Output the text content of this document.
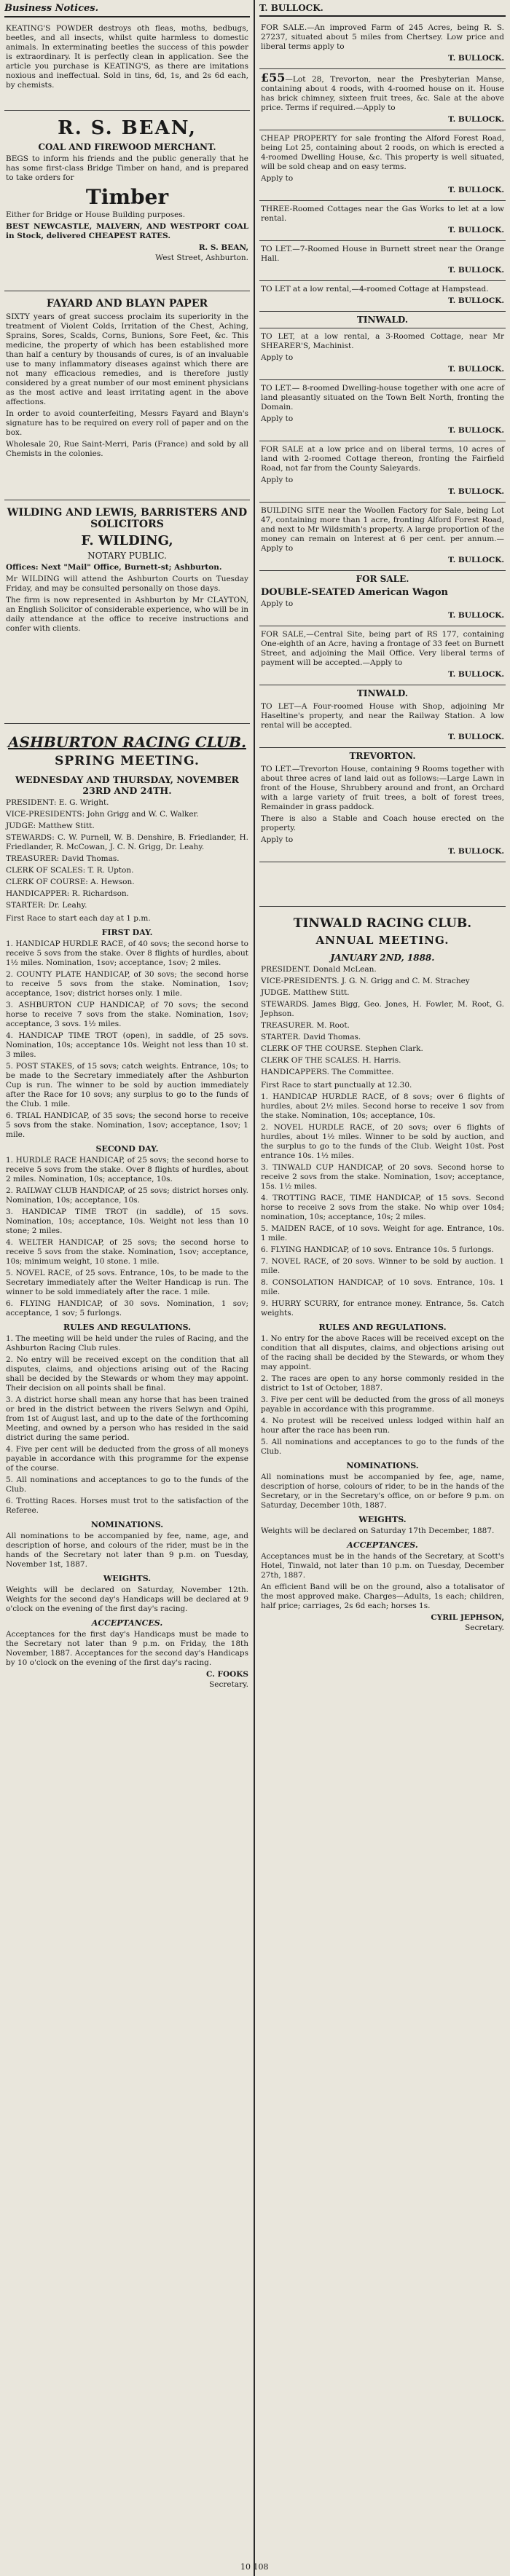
Business Notices.

KEATING'S POWDER destroys oth fleas, moths, bedbugs, beetles, and all insects, whilst quite harmless to domestic animals. In exterminating beetles the success of this powder is extraordinary. It is perfectly clean in application. See the article you purchase is KEATING'S, as there are imitations noxious and ineffectual. Sold in tins, 6d, 1s, and 2s 6d each, by chemists.

R. S. BEAN,
COAL AND FIREWOOD MERCHANT.

BEGS to inform his friends and the public generally that he has some first-class Bridge Timber on hand, and is prepared to take orders for

Timber

Either for Bridge or House Building purposes.

BEST NEWCASTLE, MALVERN, AND WESTPORT COAL in Stock, delivered CHEAPEST RATES.

R. S. BEAN,
West Street, Ashburton.
FAYARD AND BLAYN PAPER

SIXTY years of great success proclaim its superiority in the treatment of Violent Colds, Irritation of the Chest, Aching, Sprains, Sores, Scalds, Corns, Bunions, Sore Feet, &c. This medicine, the property of which has been established more than half a century by thousands of cures, is of an invaluable use to many inflammatory diseases against which there are not many efficacious remedies, and is therefore justly considered by a great number of our most eminent physicians as the most active and least irritating agent in the above affections.

In order to avoid counterfeiting, Messrs Fayard and Blayn's signature has to be required on every roll of paper and on the box.

Wholesale 20, Rue Saint-Merri, Paris (France) and sold by all Chemists in the colonies.

WILDING AND LEWIS, BARRISTERS AND SOLICITORS
F. WILDING,
NOTARY PUBLIC.

Offices: Next "Mail" Office, Burnett-st; Ashburton.

Mr WILDING will attend the Ashburton Courts on Tuesday Friday, and may be consulted personally on those days.

The firm is now represented in Ashburton by Mr CLAYTON, an English Solicitor of considerable experience, who will be in daily attendance at the office to receive instructions and confer with clients.

ASHBURTON RACING CLUB.
SPRING MEETING.
WEDNESDAY AND THURSDAY, NOVEMBER 23RD AND 24TH.

PRESIDENT: E. G. Wright.

VICE-PRESIDENTS: John Grigg and W. C. Walker.

JUDGE: Matthew Stitt.

STEWARDS: C. W. Purnell, W. B. Denshire, B. Friedlander, H. Friedlander, R. McCowan, J. C. N. Grigg, Dr. Leahy.

TREASURER: David Thomas.

CLERK OF SCALES: T. R. Upton.

CLERK OF COURSE: A. Hewson.

HANDICAPPER: R. Richardson.

STARTER: Dr. Leahy.

First Race to start each day at 1 p.m.

FIRST DAY.

1. HANDICAP HURDLE RACE, of 40 sovs; the second horse to receive 5 sovs from the stake. Over 8 flights of hurdles, about 1½ miles. Nomination, 1sov; acceptance, 1sov; 2 miles.

2. COUNTY PLATE HANDICAP, of 30 sovs; the second horse to receive 5 sovs from the stake. Nomination, 1sov; acceptance, 1sov; district horses only. 1 mile.

3. ASHBURTON CUP HANDICAP, of 70 sovs; the second horse to receive 7 sovs from the stake. Nomination, 1sov; acceptance, 3 sovs. 1½ miles.

4. HANDICAP TIME TROT (open), in saddle, of 25 sovs. Nomination, 10s; acceptance 10s. Weight not less than 10 st. 3 miles.

5. POST STAKES, of 15 sovs; catch weights. Entrance, 10s; to be made to the Secretary immediately after the Ashburton Cup is run. The winner to be sold by auction immediately after the Race for 10 sovs; any surplus to go to the funds of the Club. 1 mile.

6. TRIAL HANDICAP, of 35 sovs; the second horse to receive 5 sovs from the stake. Nomination, 1sov; acceptance, 1sov; 1 mile.

SECOND DAY.

1. HURDLE RACE HANDICAP, of 25 sovs; the second horse to receive 5 sovs from the stake. Over 8 flights of hurdles, about 2 miles. Nomination, 10s; acceptance, 10s.

2. RAILWAY CLUB HANDICAP, of 25 sovs; district horses only. Nomination, 10s; acceptance, 10s.

3. HANDICAP TIME TROT (in saddle), of 15 sovs. Nomination, 10s; acceptance, 10s. Weight not less than 10 stone; 2 miles.

4. WELTER HANDICAP, of 25 sovs; the second horse to receive 5 sovs from the stake. Nomination, 1sov; acceptance, 10s; minimum weight, 10 stone. 1 mile.

5. NOVEL RACE, of 25 sovs. Entrance, 10s, to be made to the Secretary immediately after the Welter Handicap is run. The winner to be sold immediately after the race. 1 mile.

6. FLYING HANDICAP, of 30 sovs. Nomination, 1 sov; acceptance, 1 sov; 5 furlongs.

RULES AND REGULATIONS.

1. The meeting will be held under the rules of Racing, and the Ashburton Racing Club rules.

2. No entry will be received except on the condition that all disputes, claims, and objections arising out of the Racing shall be decided by the Stewards or whom they may appoint. Their decision on all points shall be final.

3. A district horse shall mean any horse that has been trained or bred in the district between the rivers Selwyn and Opihi, from 1st of August last, and up to the date of the forthcoming Meeting, and owned by a person who has resided in the said district during the same period.

4. Five per cent will be deducted from the gross of all moneys payable in accordance with this programme for the expense of the course.

5. All nominations and acceptances to go to the funds of the Club.

6. Trotting Races. Horses must trot to the satisfaction of the Referee.

NOMINATIONS.

All nominations to be accompanied by fee, name, age, and description of horse, and colours of the rider, must be in the hands of the Secretary not later than 9 p.m. on Tuesday, November 1st, 1887.

WEIGHTS.

Weights will be declared on Saturday, November 12th. Weights for the second day's Handicaps will be declared at 9 o'clock on the evening of the first day's racing.

ACCEPTANCES.

Acceptances for the first day's Handicaps must be made to the Secretary not later than 9 p.m. on Friday, the 18th November, 1887. Acceptances for the second day's Handicaps by 10 o'clock on the evening of the first day's racing.

C. FOOKS
Secretary.
T. BULLOCK.

FOR SALE.—An improved Farm of 245 Acres, being R. S. 27237, situated about 5 miles from Chertsey. Low price and liberal terms apply to

T. BULLOCK.

£55—Lot 28, Trevorton, near the Presbyterian Manse, containing about 4 roods, with 4-roomed house on it. House has brick chimney, sixteen fruit trees, &c. Sale at the above price. Terms if required.—Apply to

T. BULLOCK.

CHEAP PROPERTY for sale fronting the Alford Forest Road, being Lot 25, containing about 2 roods, on which is erected a 4-roomed Dwelling House, &c. This property is well situated, will be sold cheap and on easy terms.

Apply to

T. BULLOCK.

THREE-Roomed Cottages near the Gas Works to let at a low rental.

T. BULLOCK.

TO LET.—7-Roomed House in Burnett street near the Orange Hall.

T. BULLOCK.

TO LET at a low rental,—4-roomed Cottage at Hampstead.

T. BULLOCK.
TINWALD.

TO LET, at a low rental, a 3-Roomed Cottage, near Mr SHEARER'S, Machinist.

Apply to

T. BULLOCK.

TO LET.— 8-roomed Dwelling-house together with one acre of land pleasantly situated on the Town Belt North, fronting the Domain.

Apply to

T. BULLOCK.

FOR SALE at a low price and on liberal terms, 10 acres of land with 2-roomed Cottage thereon, fronting the Fairfield Road, not far from the County Saleyards.

Apply to

T. BULLOCK.

BUILDING SITE near the Woollen Factory for Sale, being Lot 47, containing more than 1 acre, fronting Alford Forest Road, and next to Mr Wildsmith's property. A large proportion of the money can remain on Interest at 6 per cent. per annum.—Apply to

T. BULLOCK.
FOR SALE.

DOUBLE-SEATED American Wagon

Apply to

T. BULLOCK.

FOR SALE,—Central Site, being part of RS 177, containing One-eighth of an Acre, having a frontage of 33 feet on Burnett Street, and adjoining the Mail Office. Very liberal terms of payment will be accepted.—Apply to

T. BULLOCK.
TINWALD.

TO LET—A Four-roomed House with Shop, adjoining Mr Haseltine's property, and near the Railway Station. A low rental will be accepted.

T. BULLOCK.
TREVORTON.

TO LET.—Trevorton House, containing 9 Rooms together with about three acres of land laid out as follows:—Large Lawn in front of the House, Shrubbery around and front, an Orchard with a large variety of fruit trees, a bolt of forest trees, Remainder in grass paddock.

There is also a Stable and Coach house erected on the property.

Apply to

T. BULLOCK.
TINWALD RACING CLUB.
ANNUAL MEETING.
JANUARY 2ND, 1888.

PRESIDENT. Donald McLean.

VICE-PRESIDENTS. J. G. N. Grigg and C. M. Strachey

JUDGE. Matthew Stitt.

STEWARDS. James Bigg, Geo. Jones, H. Fowler, M. Root, G. Jephson.

TREASURER. M. Root.

STARTER. David Thomas.

CLERK OF THE COURSE. Stephen Clark.

CLERK OF THE SCALES. H. Harris.

HANDICAPPERS. The Committee.

First Race to start punctually at 12.30.

1. HANDICAP HURDLE RACE, of 8 sovs; over 6 flights of hurdles, about 2½ miles. Second horse to receive 1 sov from the stake. Nomination, 10s; acceptance, 10s.

2. NOVEL HURDLE RACE, of 20 sovs; over 6 flights of hurdles, about 1½ miles. Winner to be sold by auction, and the surplus to go to the funds of the Club. Weight 10st. Post entrance 10s. 1½ miles.

3. TINWALD CUP HANDICAP, of 20 sovs. Second horse to receive 2 sovs from the stake. Nomination, 1sov; acceptance, 15s. 1½ miles.

4. TROTTING RACE, TIME HANDICAP, of 15 sovs. Second horse to receive 2 sovs from the stake. No whip over 10s4; nomination, 10s; acceptance, 10s; 2 miles.

5. MAIDEN RACE, of 10 sovs. Weight for age. Entrance, 10s. 1 mile.

6. FLYING HANDICAP, of 10 sovs. Entrance 10s. 5 furlongs.

7. NOVEL RACE, of 20 sovs. Winner to be sold by auction. 1 mile.

8. CONSOLATION HANDICAP, of 10 sovs. Entrance, 10s. 1 mile.

9. HURRY SCURRY, for entrance money. Entrance, 5s. Catch weights.

RULES AND REGULATIONS.

1. No entry for the above Races will be received except on the condition that all disputes, claims, and objections arising out of the racing shall be decided by the Stewards, or whom they may appoint.

2. The races are open to any horse commonly resided in the district to 1st of October, 1887.

3. Five per cent will be deducted from the gross of all moneys payable in accordance with this programme.

4. No protest will be received unless lodged within half an hour after the race has been run.

5. All nominations and acceptances to go to the funds of the Club.

NOMINATIONS.

All nominations must be accompanied by fee, age, name, description of horse, colours of rider, to be in the hands of the Secretary, or in the Secretary's office, on or before 9 p.m. on Saturday, December 10th, 1887.

WEIGHTS.

Weights will be declared on Saturday 17th December, 1887.

ACCEPTANCES.

Acceptances must be in the hands of the Secretary, at Scott's Hotel, Tinwald, not later than 10 p.m. on Tuesday, December 27th, 1887.

An efficient Band will be on the ground, also a totalisator of the most approved make. Charges—Adults, 1s each; children, half price; carriages, 2s 6d each; horses 1s.

CYRIL JEPHSON,
Secretary.
10 108
